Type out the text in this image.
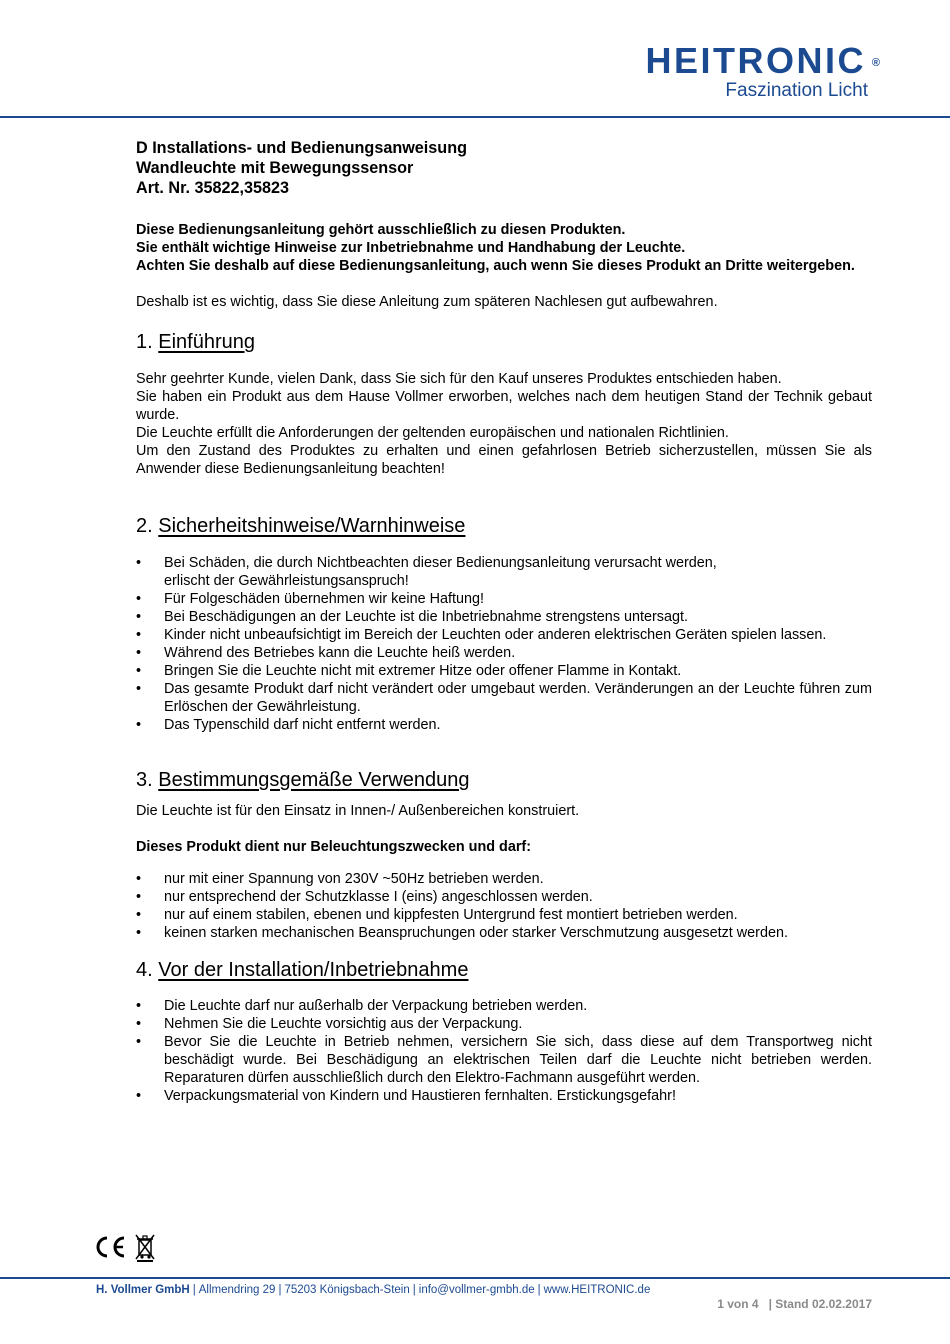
HEITRONIC ®
Faszination Licht

D Installations- und Bedienungsanweisung

Wandleuchte mit Bewegungssensor

Art. Nr. 35822,35823

Diese Bedienungsanleitung gehört ausschließlich zu diesen Produkten.

Sie enthält wichtige Hinweise zur Inbetriebnahme und Handhabung der Leuchte.

Achten Sie deshalb auf diese Bedienungsanleitung, auch wenn Sie dieses Produkt an Dritte weitergeben.

Deshalb ist es wichtig, dass Sie diese Anleitung zum späteren Nachlesen gut aufbewahren.

1. Einführung

Sehr geehrter Kunde, vielen Dank, dass Sie sich für den Kauf unseres Produktes entschieden haben.

Sie haben ein Produkt aus dem Hause Vollmer erworben, welches nach dem heutigen Stand der Technik gebaut wurde.

Die Leuchte erfüllt die Anforderungen der geltenden europäischen und nationalen Richtlinien.

Um den Zustand des Produktes zu erhalten und einen gefahrlosen Betrieb sicherzustellen, müssen Sie als Anwender diese Bedienungsanleitung beachten!

2. Sicherheitshinweise/Warnhinweise
• Bei Schäden, die durch Nichtbeachten dieser Bedienungsanleitung verursacht werden,
erlischt der Gewährleistungsanspruch!
• Für Folgeschäden übernehmen wir keine Haftung!
• Bei Beschädigungen an der Leuchte ist die Inbetriebnahme strengstens untersagt.
• Kinder nicht unbeaufsichtigt im Bereich der Leuchten oder anderen elektrischen Geräten spielen lassen.
• Während des Betriebes kann die Leuchte heiß werden.
• Bringen Sie die Leuchte nicht mit extremer Hitze oder offener Flamme in Kontakt.
• Das gesamte Produkt darf nicht verändert oder umgebaut werden. Veränderungen an der Leuchte führen zum Erlöschen der Gewährleistung.
• Das Typenschild darf nicht entfernt werden.
3. Bestimmungsgemäße Verwendung

Die Leuchte ist für den Einsatz in Innen-/ Außenbereichen konstruiert.

Dieses Produkt dient nur Beleuchtungszwecken und darf:

• nur mit einer Spannung von 230V ~50Hz betrieben werden.
• nur entsprechend der Schutzklasse I (eins) angeschlossen werden.
• nur auf einem stabilen, ebenen und kippfesten Untergrund fest montiert betrieben werden.
• keinen starken mechanischen Beanspruchungen oder starker Verschmutzung ausgesetzt werden.
4. Vor der Installation/Inbetriebnahme
• Die Leuchte darf nur außerhalb der Verpackung betrieben werden.
• Nehmen Sie die Leuchte vorsichtig aus der Verpackung.
• Bevor Sie die Leuchte in Betrieb nehmen, versichern Sie sich, dass diese auf dem Transportweg nicht beschädigt wurde. Bei Beschädigung an elektrischen Teilen darf die Leuchte nicht betrieben werden. Reparaturen dürfen ausschließlich durch den Elektro-Fachmann ausgeführt werden.
• Verpackungsmaterial von Kindern und Haustieren fernhalten. Erstickungsgefahr!
H. Vollmer GmbH | Allmendring 29 | 75203 Königsbach-Stein | info@vollmer-gmbh.de | www.HEITRONIC.de
1 von 4 | Stand 02.02.2017
